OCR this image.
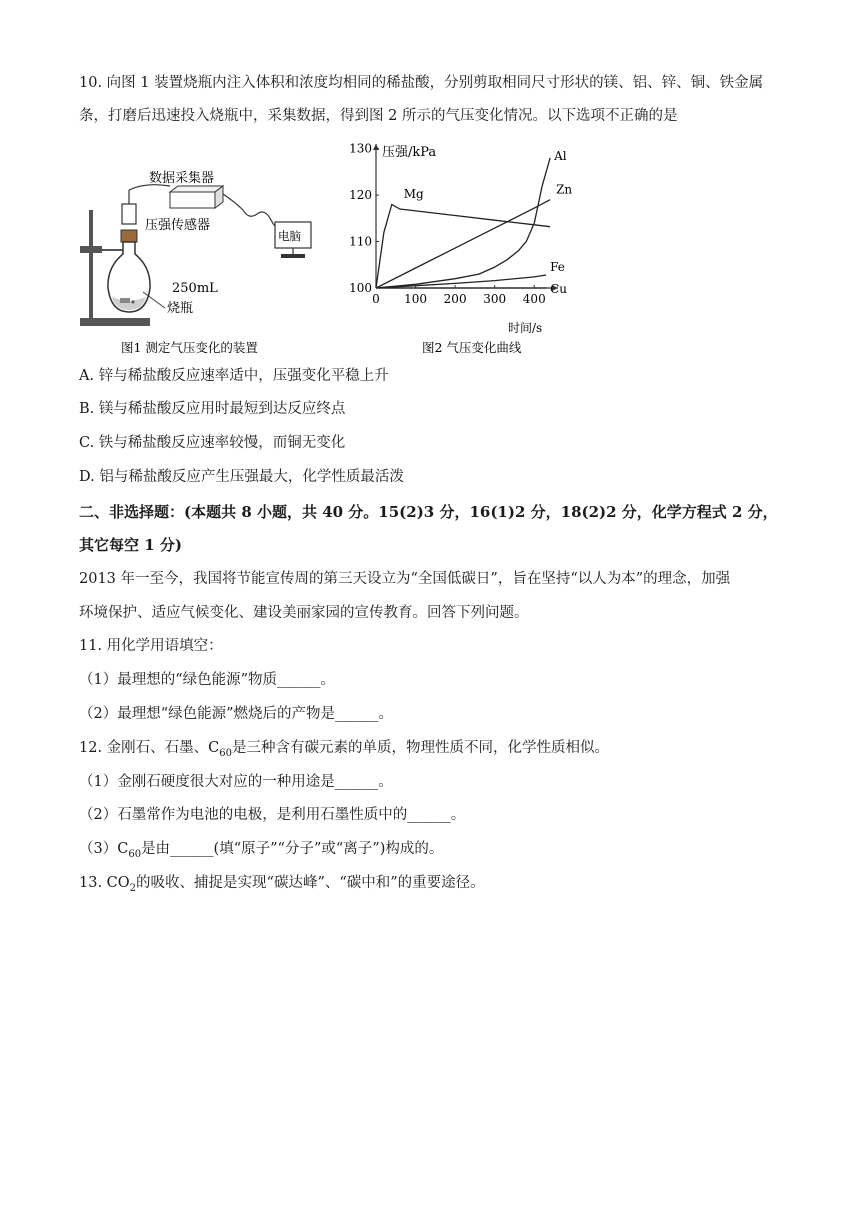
10. 向图 1 装置烧瓶内注入体积和浓度均相同的稀盐酸，分别剪取相同尺寸形状的镁、铝、锌、铜、铁金属
条，打磨后迅速投入烧瓶中，采集数据，得到图 2 所示的气压变化情况。以下选项不正确的是
数据采集器
压强传感器
电脑
250mL
烧瓶
图1 测定气压变化的装置
Al
Zn
Mg
Fe
Cu
0 100 200 300 400
100
110
120
130 压强/kPa
时间/s
图2 气压变化曲线
A. 锌与稀盐酸反应速率适中，压强变化平稳上升
B. 镁与稀盐酸反应用时最短到达反应终点
C. 铁与稀盐酸反应速率较慢，而铜无变化
D. 铝与稀盐酸反应产生压强最大，化学性质最活泼
二、非选择题：(本题共 8 小题，共 40 分。15(2)3 分，16(1)2 分，18(2)2 分，化学方程式 2 分，
其它每空 1 分)
2013 年一至今，我国将节能宣传周的第三天设立为“全国低碳日”，旨在坚持“以人为本”的理念，加强
环境保护、适应气候变化、建设美丽家园的宣传教育。回答下列问题。
11. 用化学用语填空：
（1）最理想的“绿色能源”物质______。
（2）最理想“绿色能源”燃烧后的产物是______。
12. 金刚石、石墨、$C_{60}$是三种含有碳元素的单质，物理性质不同，化学性质相似。
（1）金刚石硬度很大对应的一种用途是______。
（2）石墨常作为电池的电极，是利用石墨性质中的______。
$(3)C_{60}$是由______(填“原子”“分子”或“离子”)构成的。
13. $CO_2$的吸收、捕捉是实现“碳达峰”、“碳中和”的重要途径。
